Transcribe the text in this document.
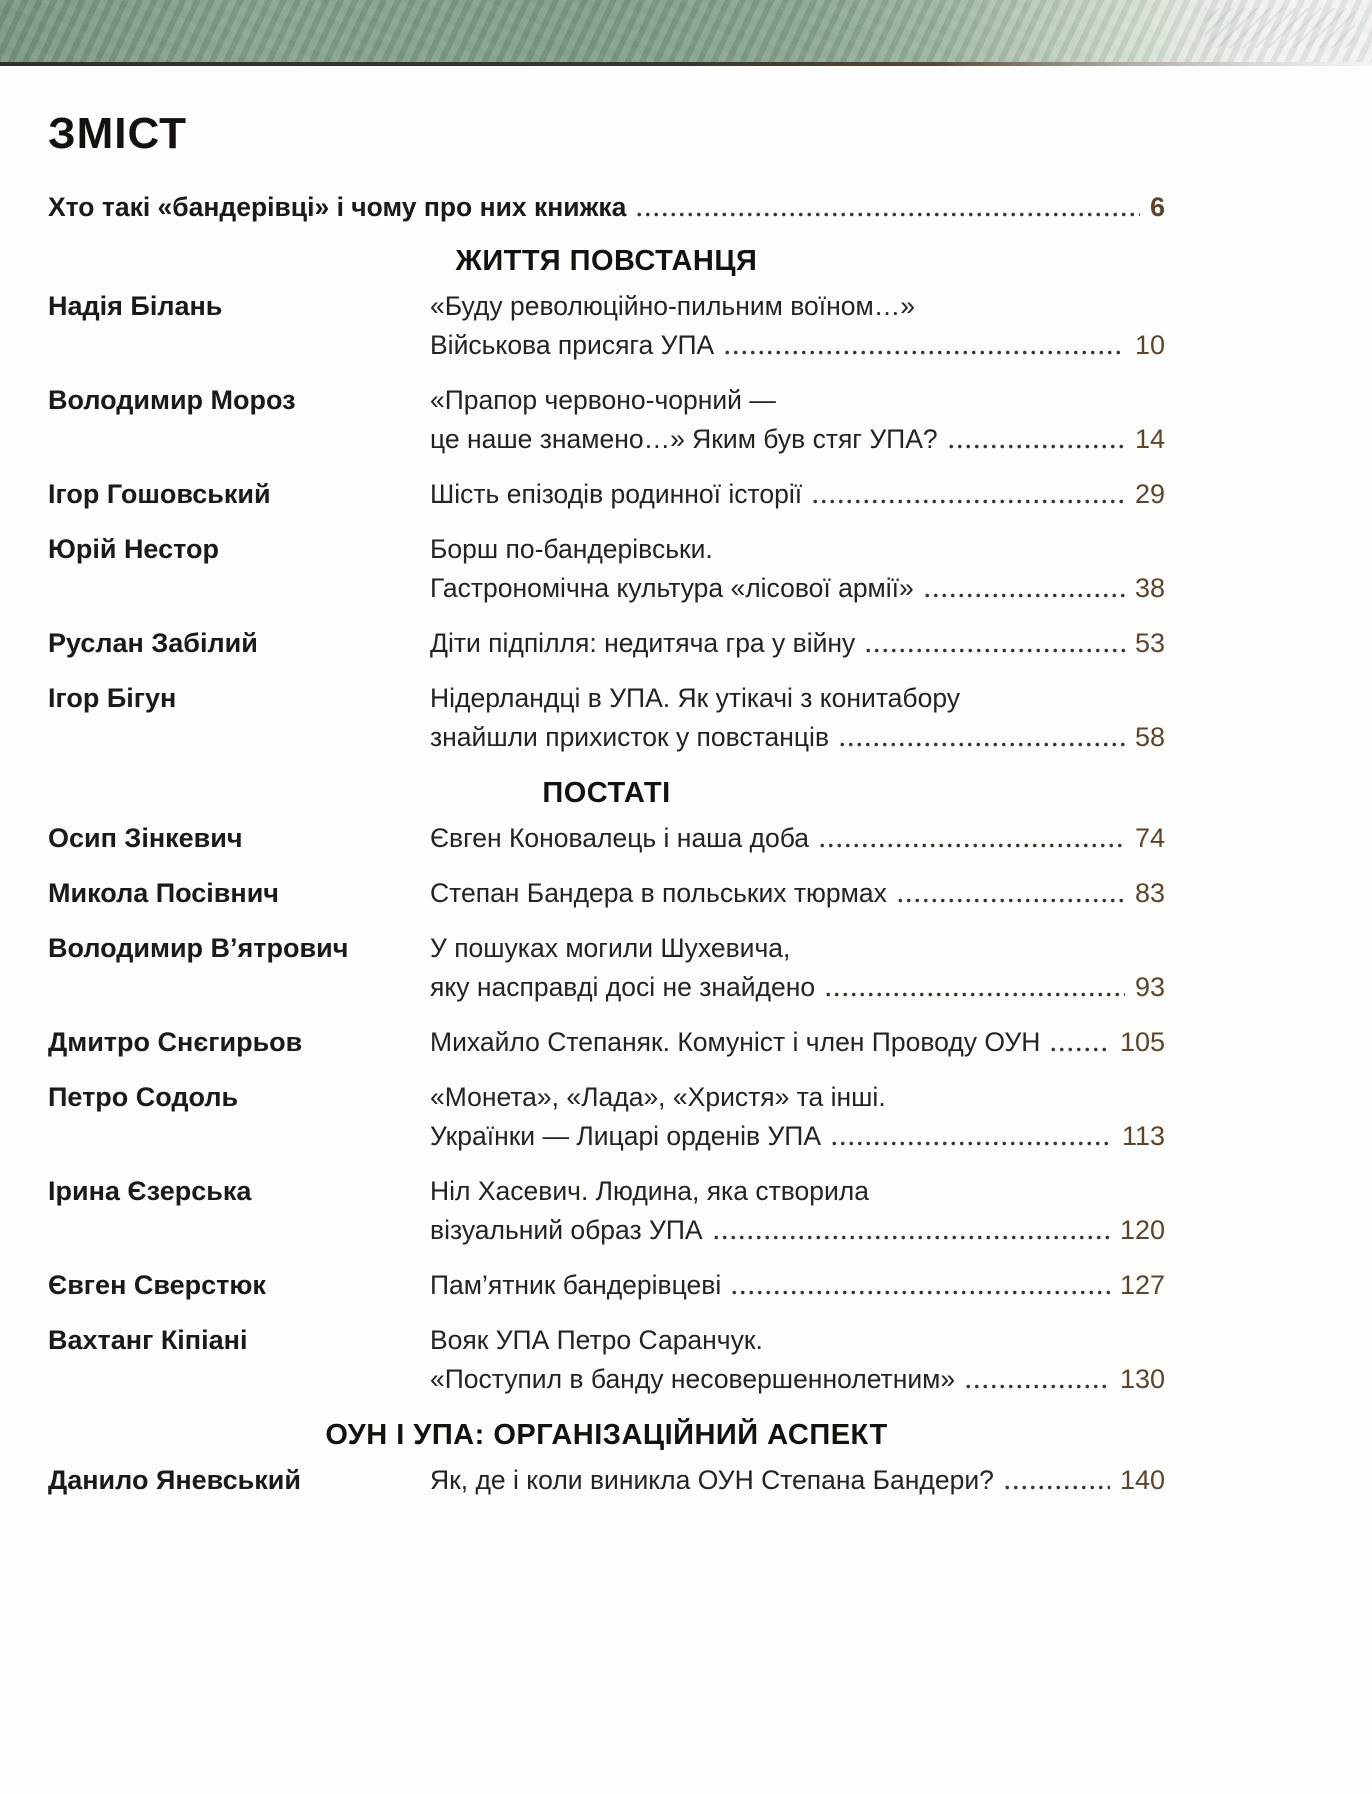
ЗМІСТ
Хто такі «бандерівці» і чому про них книжка	6
ЖИТТЯ ПОВСТАНЦЯ
Надія Білань	«Буду революційно-пильним воїном…»
Військова присяга УПА	10
Володимир Мороз	«Прапор червоно-чорний —
це наше знамено…» Яким був стяг УПА?	14
Ігор Гошовський	Шість епізодів родинної історії	29
Юрій Нестор	Борш по-бандерівськи.
Гастрономічна культура «лісової армії»	38
Руслан Забілий	Діти підпілля: недитяча гра у війну	53
Ігор Бігун	Нідерландці в УПА. Як утікачі з конитабору
знайшли прихисток у повстанців	58
ПОСТАТІ
Осип Зінкевич	Євген Коновалець і наша доба	74
Микола Посівнич	Степан Бандера в польських тюрмах	83
Володимир В’ятрович	У пошуках могили Шухевича,
яку насправді досі не знайдено	93
Дмитро Снєгирьов	Михайло Степаняк. Комуніст і член Проводу ОУН	105
Петро Содоль	«Монета», «Лада», «Христя» та інші.
Українки — Лицарі орденів УПА	113
Ірина Єзерська	Ніл Хасевич. Людина, яка створила
візуальний образ УПА	120
Євген Сверстюк	Пам’ятник бандерівцеві	127
Вахтанг Кіпіані	Вояк УПА Петро Саранчук.
«Поступил в банду несовершеннолетним»	130
ОУН І УПА: ОРГАНІЗАЦІЙНИЙ АСПЕКТ
Данило Яневський	Як, де і коли виникла ОУН Степана Бандери?	140
